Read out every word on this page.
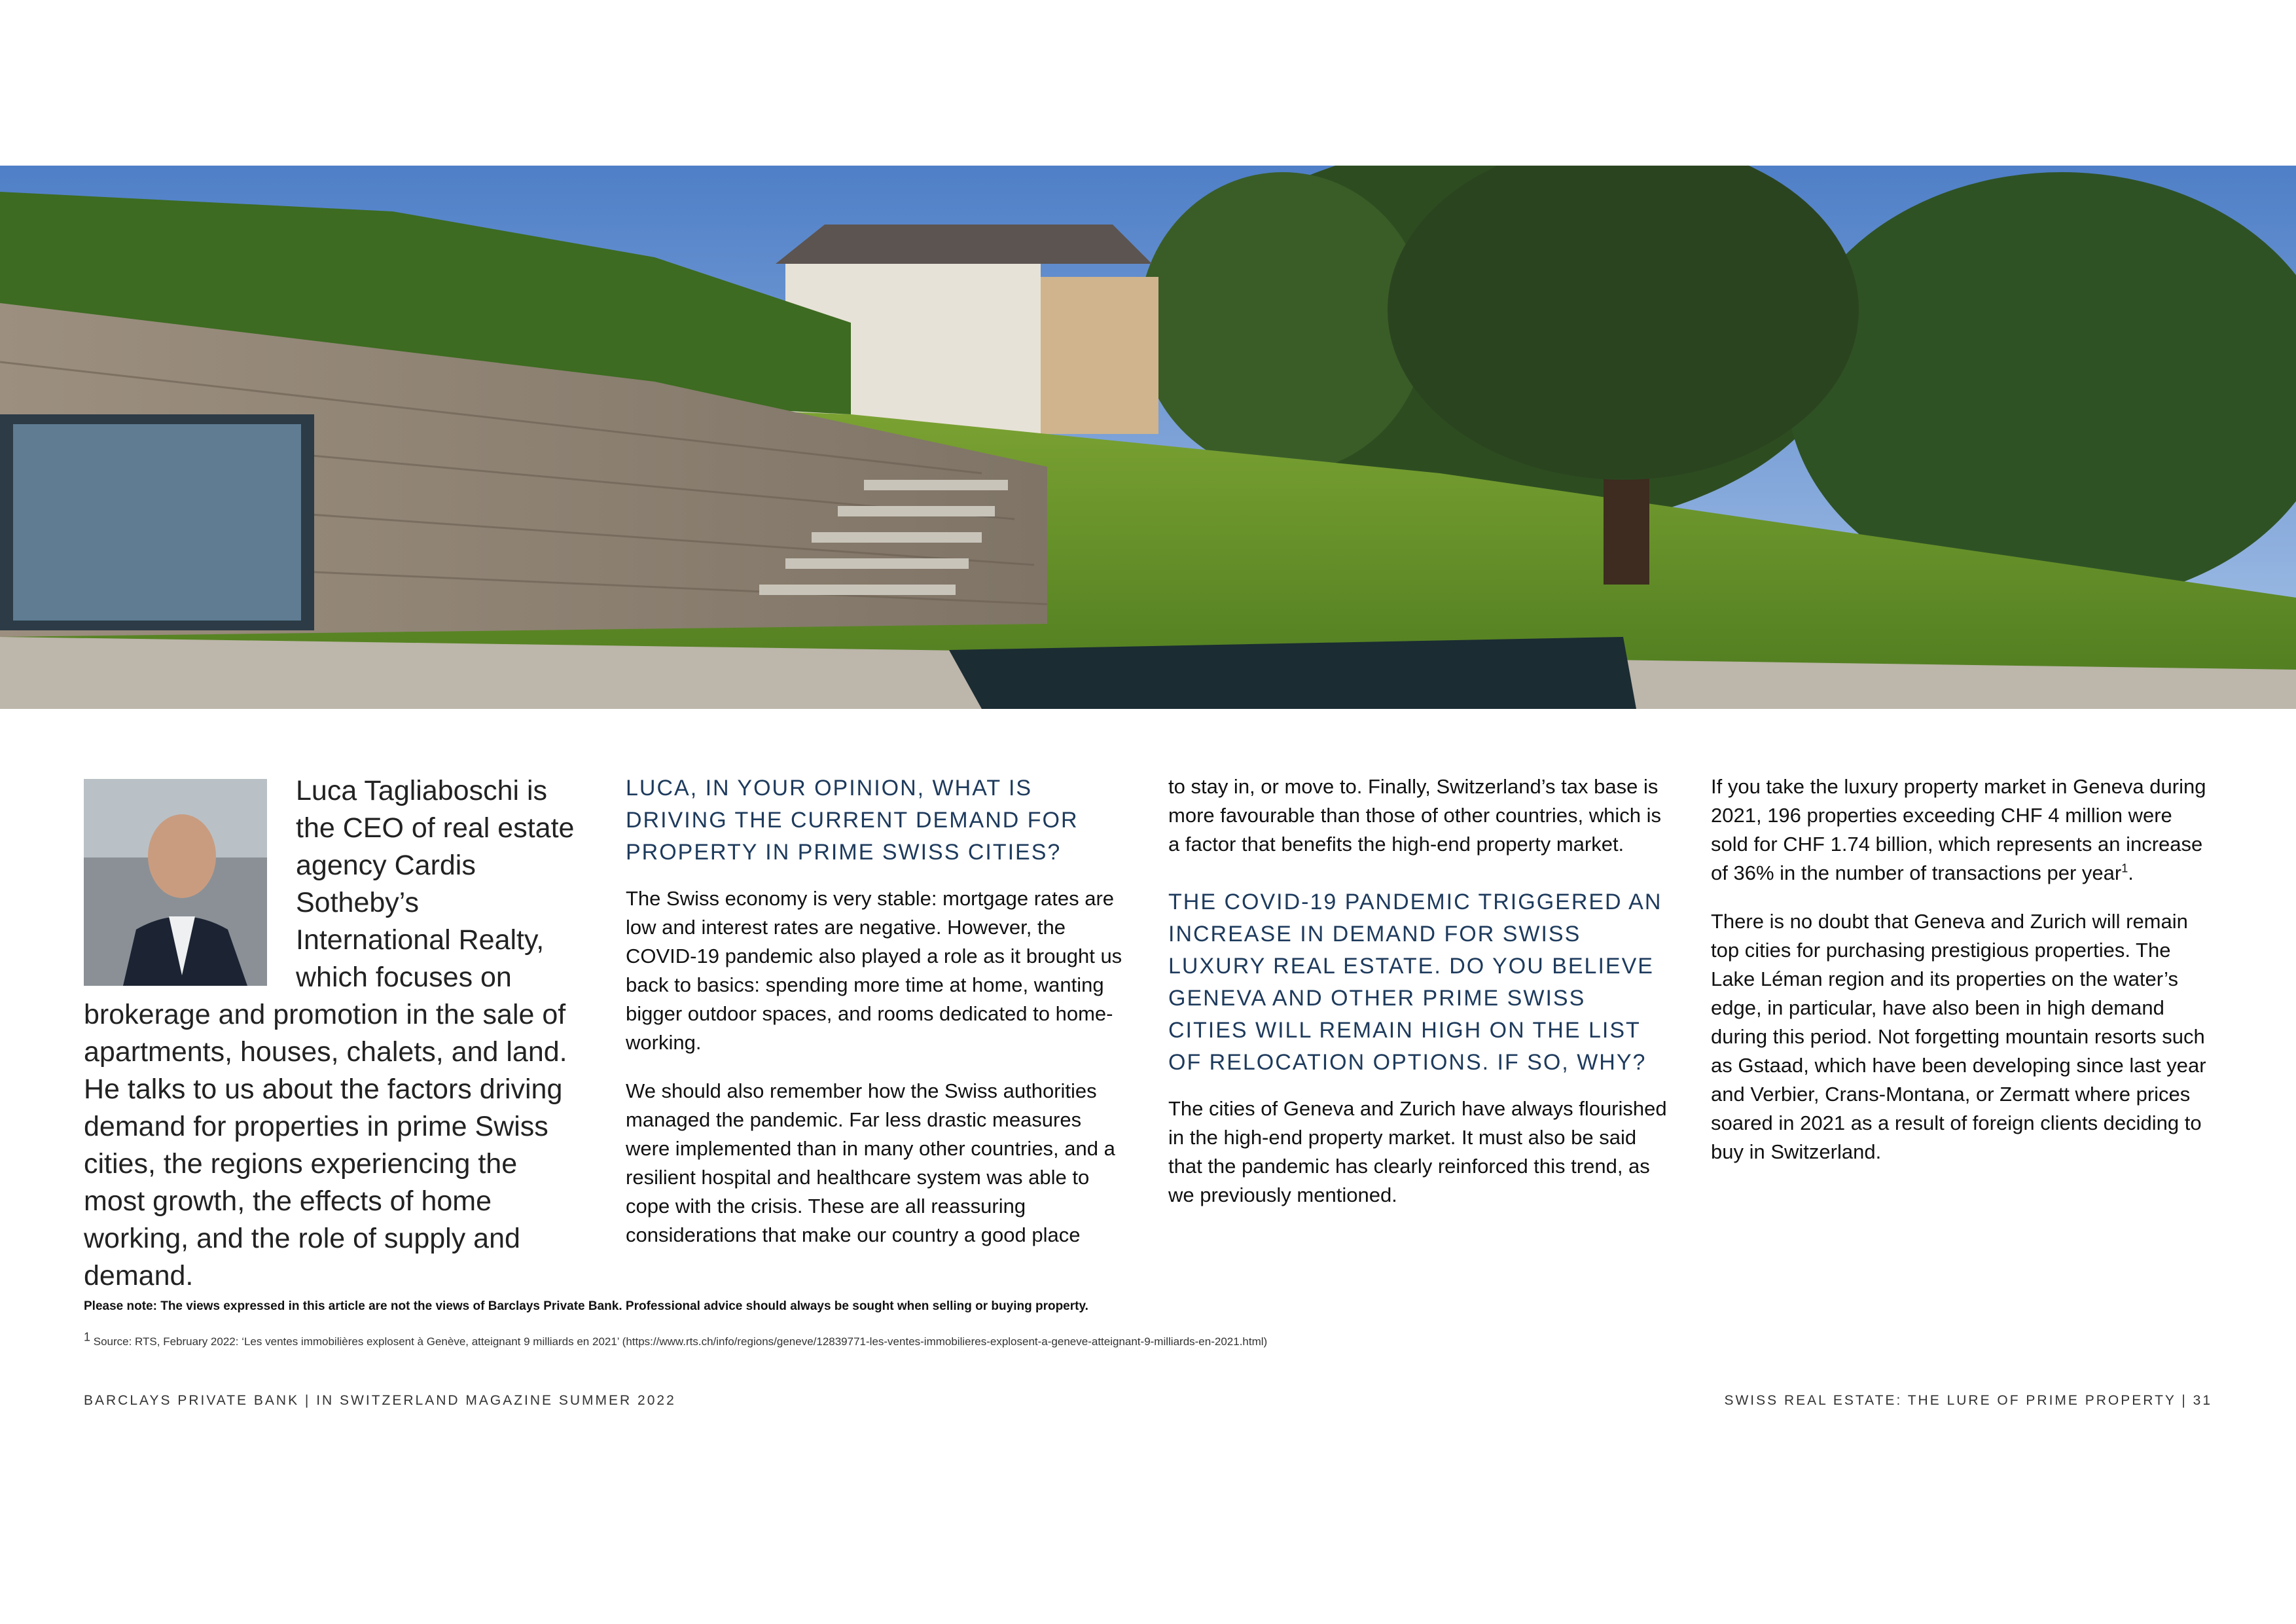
Luca Tagliaboschi is the CEO of real estate agency Cardis Sotheby’s International Realty, which focuses on brokerage and promotion in the sale of apartments, houses, chalets, and land. He talks to us about the factors driving demand for properties in prime Swiss cities, the regions experiencing the most growth, the effects of home working, and the role of supply and demand.
LUCA, IN YOUR OPINION, WHAT IS DRIVING THE CURRENT DEMAND FOR PROPERTY IN PRIME SWISS CITIES?

The Swiss economy is very stable: mortgage rates are low and interest rates are negative. However, the COVID-19 pandemic also played a role as it brought us back to basics: spending more time at home, wanting bigger outdoor spaces, and rooms dedicated to home-working.

We should also remember how the Swiss authorities managed the pandemic. Far less drastic measures were implemented than in many other countries, and a resilient hospital and healthcare system was able to cope with the crisis. These are all reassuring considerations that make our country a good place

to stay in, or move to. Finally, Switzerland’s tax base is more favourable than those of other countries, which is a factor that benefits the high-end property market.

THE COVID-19 PANDEMIC TRIGGERED AN INCREASE IN DEMAND FOR SWISS LUXURY REAL ESTATE. DO YOU BELIEVE GENEVA AND OTHER PRIME SWISS CITIES WILL REMAIN HIGH ON THE LIST OF RELOCATION OPTIONS. IF SO, WHY?

The cities of Geneva and Zurich have always flourished in the high-end property market. It must also be said that the pandemic has clearly reinforced this trend, as we previously mentioned.

If you take the luxury property market in Geneva during 2021, 196 properties exceeding CHF 4 million were sold for CHF 1.74 billion, which represents an increase of 36% in the number of transactions per year$^1$.

There is no doubt that Geneva and Zurich will remain top cities for purchasing prestigious properties. The Lake Léman region and its properties on the water’s edge, in particular, have also been in high demand during this period. Not forgetting mountain resorts such as Gstaad, which have been developing since last year and Verbier, Crans-Montana, or Zermatt where prices soared in 2021 as a result of foreign clients deciding to buy in Switzerland.

Please note: The views expressed in this article are not the views of Barclays Private Bank. Professional advice should always be sought when selling or buying property.
$^1$ Source: RTS, February 2022: ‘Les ventes immobilières explosent à Genève, atteignant 9 milliards en 2021’ (https://www.rts.ch/info/regions/geneve/12839771-les-ventes-immobilieres-explosent-a-geneve-atteignant-9-milliards-en-2021.html)
BARCLAYS PRIVATE BANK | IN SWITZERLAND MAGAZINE SUMMER 2022	SWISS REAL ESTATE: THE LURE OF PRIME PROPERTY | 31
